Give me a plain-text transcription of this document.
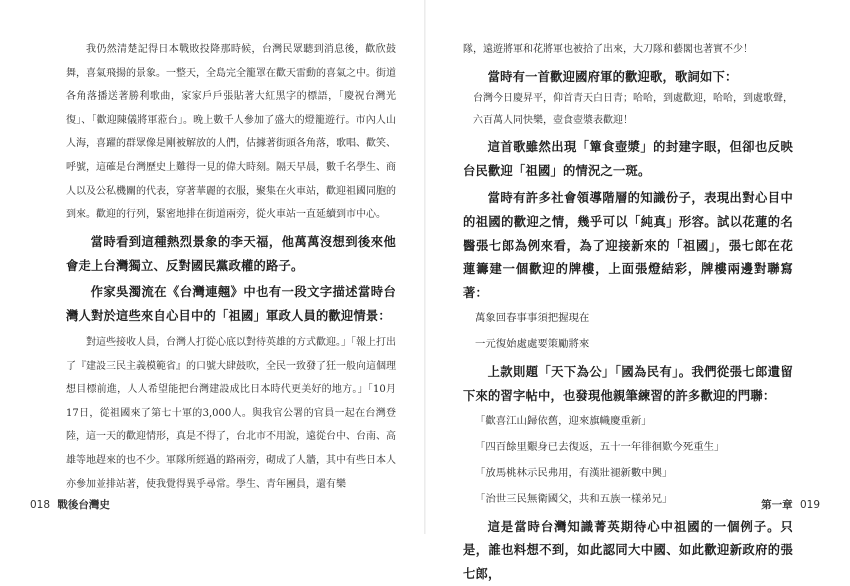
我仍然清楚記得日本戰敗投降那時候，台灣民眾聽到消息後，歡欣鼓舞，喜氣飛揚的景象。一整天，全島完全籠罩在歡天雷動的喜氣之中。街道各角落播送著勝利歌曲，家家戶戶張貼著大紅黑字的標語，「慶祝台灣光復」、「歡迎陳儀將軍蒞台」。晚上數千人參加了盛大的燈籠遊行。市內人山人海，喜躍的群眾像是剛被解放的人們，估據著街頭各角落，歌唱、歡笑、呼號，這確是台灣歷史上難得一見的偉大時刻。隔天早晨，數千名學生、商人以及公私機關的代表，穿著華麗的衣服，聚集在火車站，歡迎祖國同胞的到來。歡迎的行列，緊密地排在街道兩旁，從火車站一直延續到市中心。

當時看到這種熱烈景象的李天福，他萬萬沒想到後來他會走上台灣獨立、反對國民黨政權的路子。

作家吳濁流在《台灣連翹》中也有一段文字描述當時台灣人對於這些來自心目中的「祖國」軍政人員的歡迎情景：

對這些接收人員，台灣人打從心底以對待英雄的方式歡迎。」「報上打出了『建設三民主義模範省』的口號大肆鼓吹，全民一致發了狂一般向這個理想目標前進，人人希望能把台灣建設成比日本時代更美好的地方。」「10月17日，從祖國來了第七十軍的3,000人。與我官公署的官員一起在台灣登陸，這一天的歡迎情形，真是不得了，台北市不用說，遠從台中、台南、高雄等地趕來的也不少。軍隊所經過的路兩旁，砌成了人牆，其中有些日本人亦參加並排站著，使我覺得異乎尋常。學生、青年團員，還有樂

隊，遠遊將軍和花將軍也被拾了出來，大刀隊和藝閣也著實不少！

當時有一首歡迎國府軍的歡迎歌，歌詞如下：

台灣今日慶昇平，仰首青天白日青；哈哈，到處歡迎，哈哈，到處歌聲，六百萬人同快樂，壺食壺漿表歡迎！

這首歌雖然出現「簞食壺漿」的封建字眼，但卻也反映台民歡迎「祖國」的情況之一斑。

當時有許多社會領導階層的知識份子，表現出對心目中的祖國的歡迎之情，幾乎可以「純真」形容。試以花蓮的名醫張七郎為例來看，為了迎接新來的「祖國」，張七郎在花蓮籌建一個歡迎的牌樓，上面張燈結彩，牌樓兩邊對聯寫著：

萬象回春事事須把握現在

一元復始處處要策勵將來

上款則題「天下為公」「國為民有」。我們從張七郎遺留下來的習字帖中，也發現他親筆練習的許多歡迎的門聯：

「歡喜江山歸依舊，迎來旗幟慶重新」

「四百餘里艱身已去復返，五十一年徘徊歎今死重生」

「放馬桃林示民弗用，有漢壯褪新數中興」

「治世三民無衛國父，共和五族一樣弟兄」

這是當時台灣知識菁英期待心中祖國的一個例子。只是，誰也料想不到，如此認同大中國、如此歡迎新政府的張七郎，

018 戰後台灣史	第一章 019
